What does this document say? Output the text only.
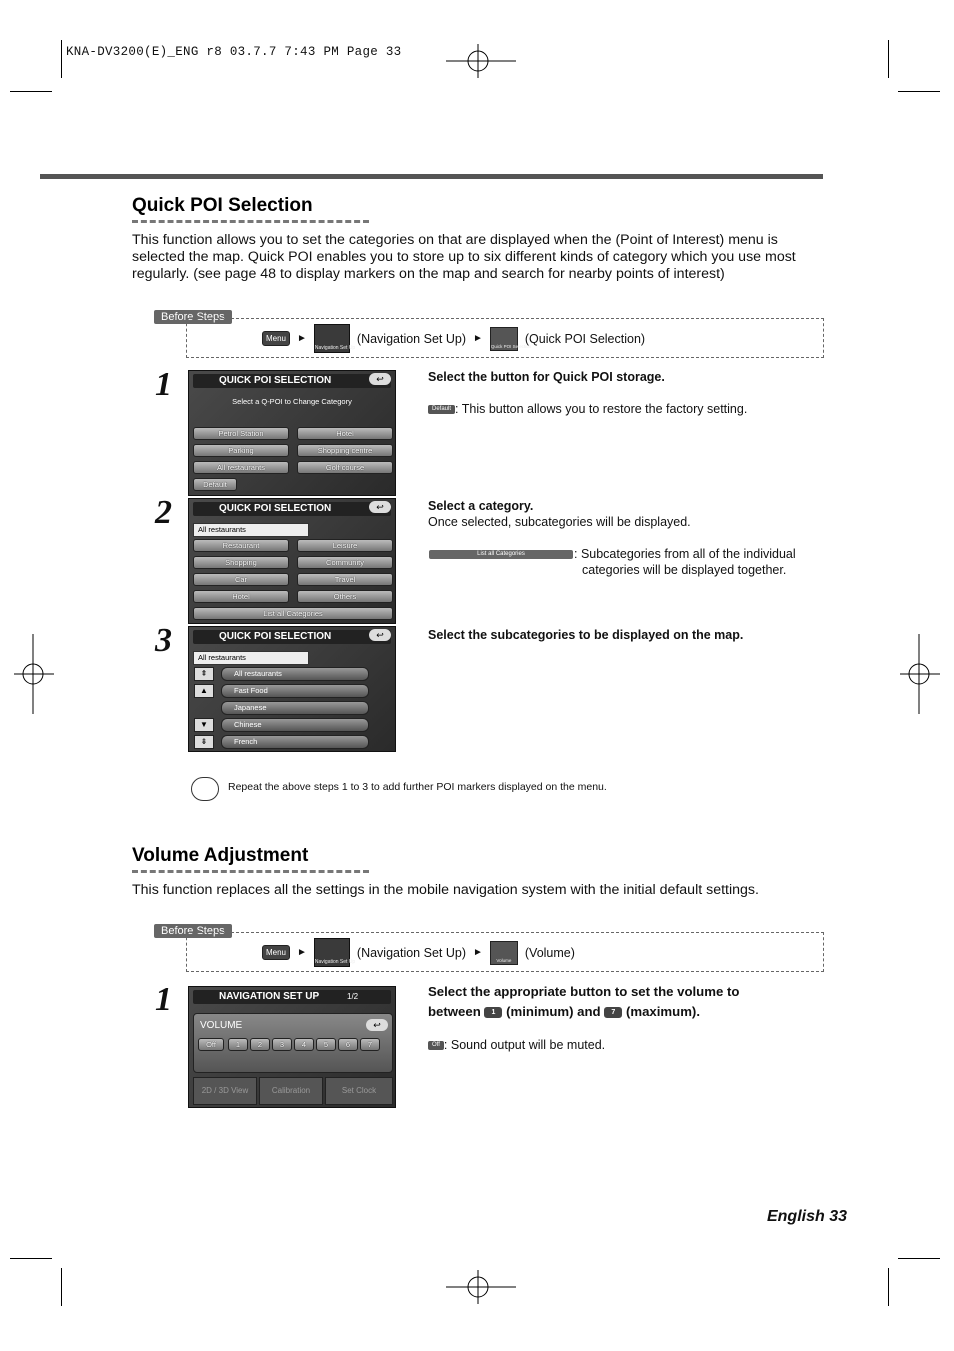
KNA-DV3200(E)_ENG r8 03.7.7 7:43 PM Page 33
Quick POI Selection
This function allows you to set the categories on that are displayed when the (Point of Interest) menu is selected the map. Quick POI enables you to store up to six different kinds of category which you use most regularly. (see page 48 to display markers on the map and search for nearby points of interest)
Before Steps
Menu	►
Navigation Set Up
(Navigation Set Up) ►
Quick POI Selection
(Quick POI Selection)
1	QUICK POI SELECTION	↩
Select a Q-POI to Change Category
Petrol Station	Hotel
Parking	Shopping centre
All restaurants	Golf course
Default
Select the button for Quick POI storage.
Default : This button allows you to restore the factory setting.
2	QUICK POI SELECTION	↩
All restaurants
Restaurant	Leisure
Shopping	Community
Car	Travel
Hotel	Others
List all Categories
Select a category.
Once selected, subcategories will be displayed.
List all Categories	: Subcategories from all of the individual
categories will be displayed together.
3	QUICK POI SELECTION	↩
All restaurants
⇞
▲
▼
⇟
All restaurants
Fast Food
Japanese
Chinese
French
Select the subcategories to be displayed on the map.
Repeat the above steps 1 to 3 to add further POI markers displayed on the menu.
Volume Adjustment
This function replaces all the settings in the mobile navigation system with the initial default settings.
Before Steps
Menu	►
Navigation Set Up
(Navigation Set Up) ►
Volume
(Volume)
1	NAVIGATION SET UP	1/2
VOLUME	↩
Off	1	2	3	4	5	6	7
2D / 3D View	Calibration	Set Clock
Select the appropriate button to set the volume to
between 1 (minimum) and 7 (maximum).
Off : Sound output will be muted.
English 33
